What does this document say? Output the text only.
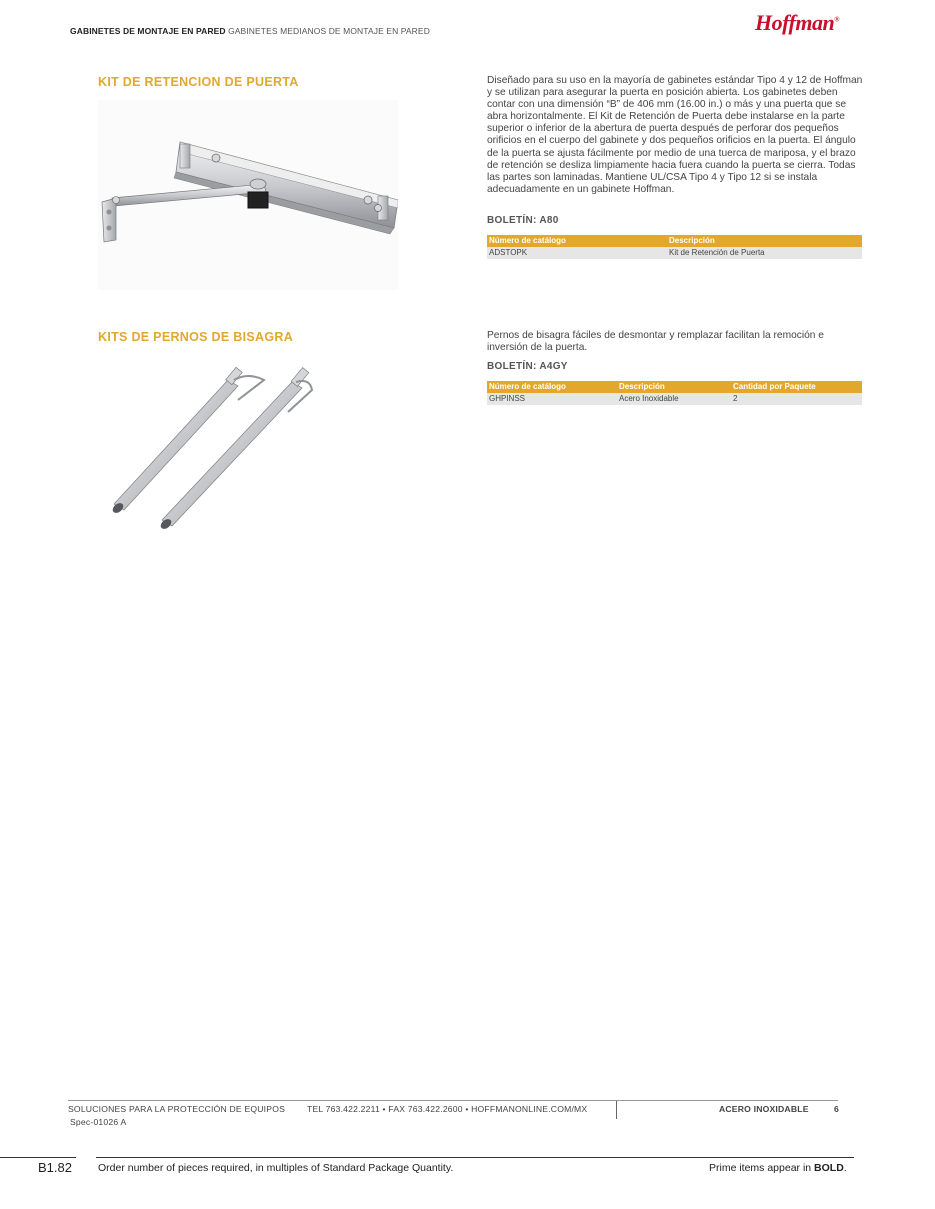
GABINETES DE MONTAJE EN PARED GABINETES MEDIANOS DE MONTAJE EN PARED	Hoffman®
KIT DE RETENCION DE PUERTA	Diseñado para su uso en la mayoría de gabinetes estándar Tipo 4 y 12 de Hoffman y se utilizan para asegurar la puerta en posición abierta. Los gabinetes deben contar con una dimensión “B” de 406 mm (16.00 in.) o más y una puerta que se abra horizontalmente. El Kit de Retención de Puerta debe instalarse en la parte superior o inferior de la abertura de puerta después de perforar dos pequeños orificios en el cuerpo del gabinete y dos pequeños orificios en la puerta. El ángulo de la puerta se ajusta fácilmente por medio de una tuerca de mariposa, y el brazo de retención se desliza limpiamente hacia fuera cuando la puerta se cierra. Todas las partes son laminadas. Mantiene UL/CSA Tipo 4 y Tipo 12 si se instala adecuadamente en un gabinete Hoffman.
BOLETÍN: A80
Número de catálogo	Descripción
ADSTOPK	Kit de Retención de Puerta
KITS DE PERNOS DE BISAGRA	Pernos de bisagra fáciles de desmontar y remplazar facilitan la remoción e inversión de la puerta.
BOLETÍN: A4GY
Número de catálogo	Descripción	Cantidad por Paquete
GHPINSS	Acero Inoxidable	2
SOLUCIONES PARA LA PROTECCIÓN DE EQUIPOS	TEL 763.422.2211 • FAX 763.422.2600 • HOFFMANONLINE.COM/MX	ACERO INOXIDABLE	6
Spec-01026 A
B1.82 Order number of pieces required, in multiples of Standard Package Quantity.	Prime items appear in BOLD.
